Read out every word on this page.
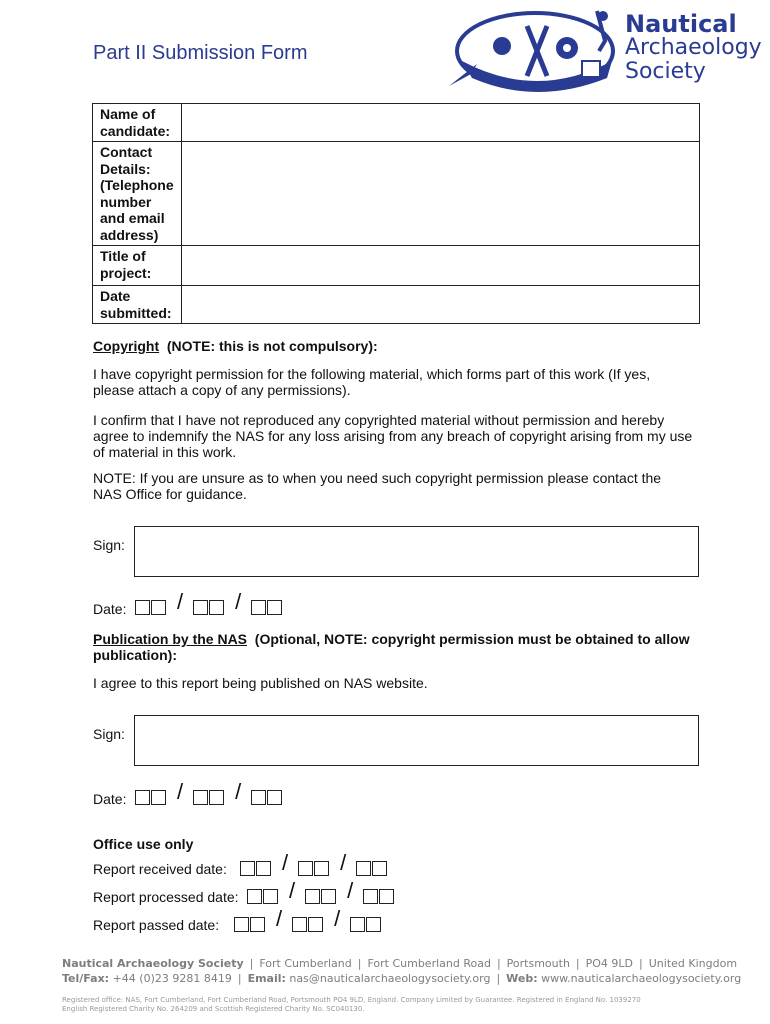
Part II Submission Form
Nautical
Archaeology
Society
Name of candidate:	
Contact Details: (Telephone number and email address)	
Title of project:	
Date submitted:	
Copyright (NOTE: this is not compulsory):
I have copyright permission for the following material, which forms part of this work (If yes, please attach a copy of any permissions).
I confirm that I have not reproduced any copyrighted material without permission and hereby agree to indemnify the NAS for any loss arising from any breach of copyright arising from my use of material in this work.
NOTE: If you are unsure as to when you need such copyright permission please contact the NAS Office for guidance.
Sign:
Date: / /
Publication by the NAS (Optional, NOTE: copyright permission must be obtained to allow publication):
I agree to this report being published on NAS website.
Sign:
Date: / /
Office use only
Report received date:	/ /
Report processed date: / /
Report passed date:	/ /
Nautical Archaeology Society | Fort Cumberland | Fort Cumberland Road | Portsmouth | PO4 9LD | United Kingdom
Tel/Fax: +44 (0)23 9281 8419 | Email: nas@nauticalarchaeologysociety.org | Web: www.nauticalarchaeologysociety.org
Registered office: NAS, Fort Cumberland, Fort Cumberland Road, Portsmouth PO4 9LD, England. Company Limited by Guarantee. Registered in England No. 1039270
English Registered Charity No. 264209 and Scottish Registered Charity No. SC040130.
